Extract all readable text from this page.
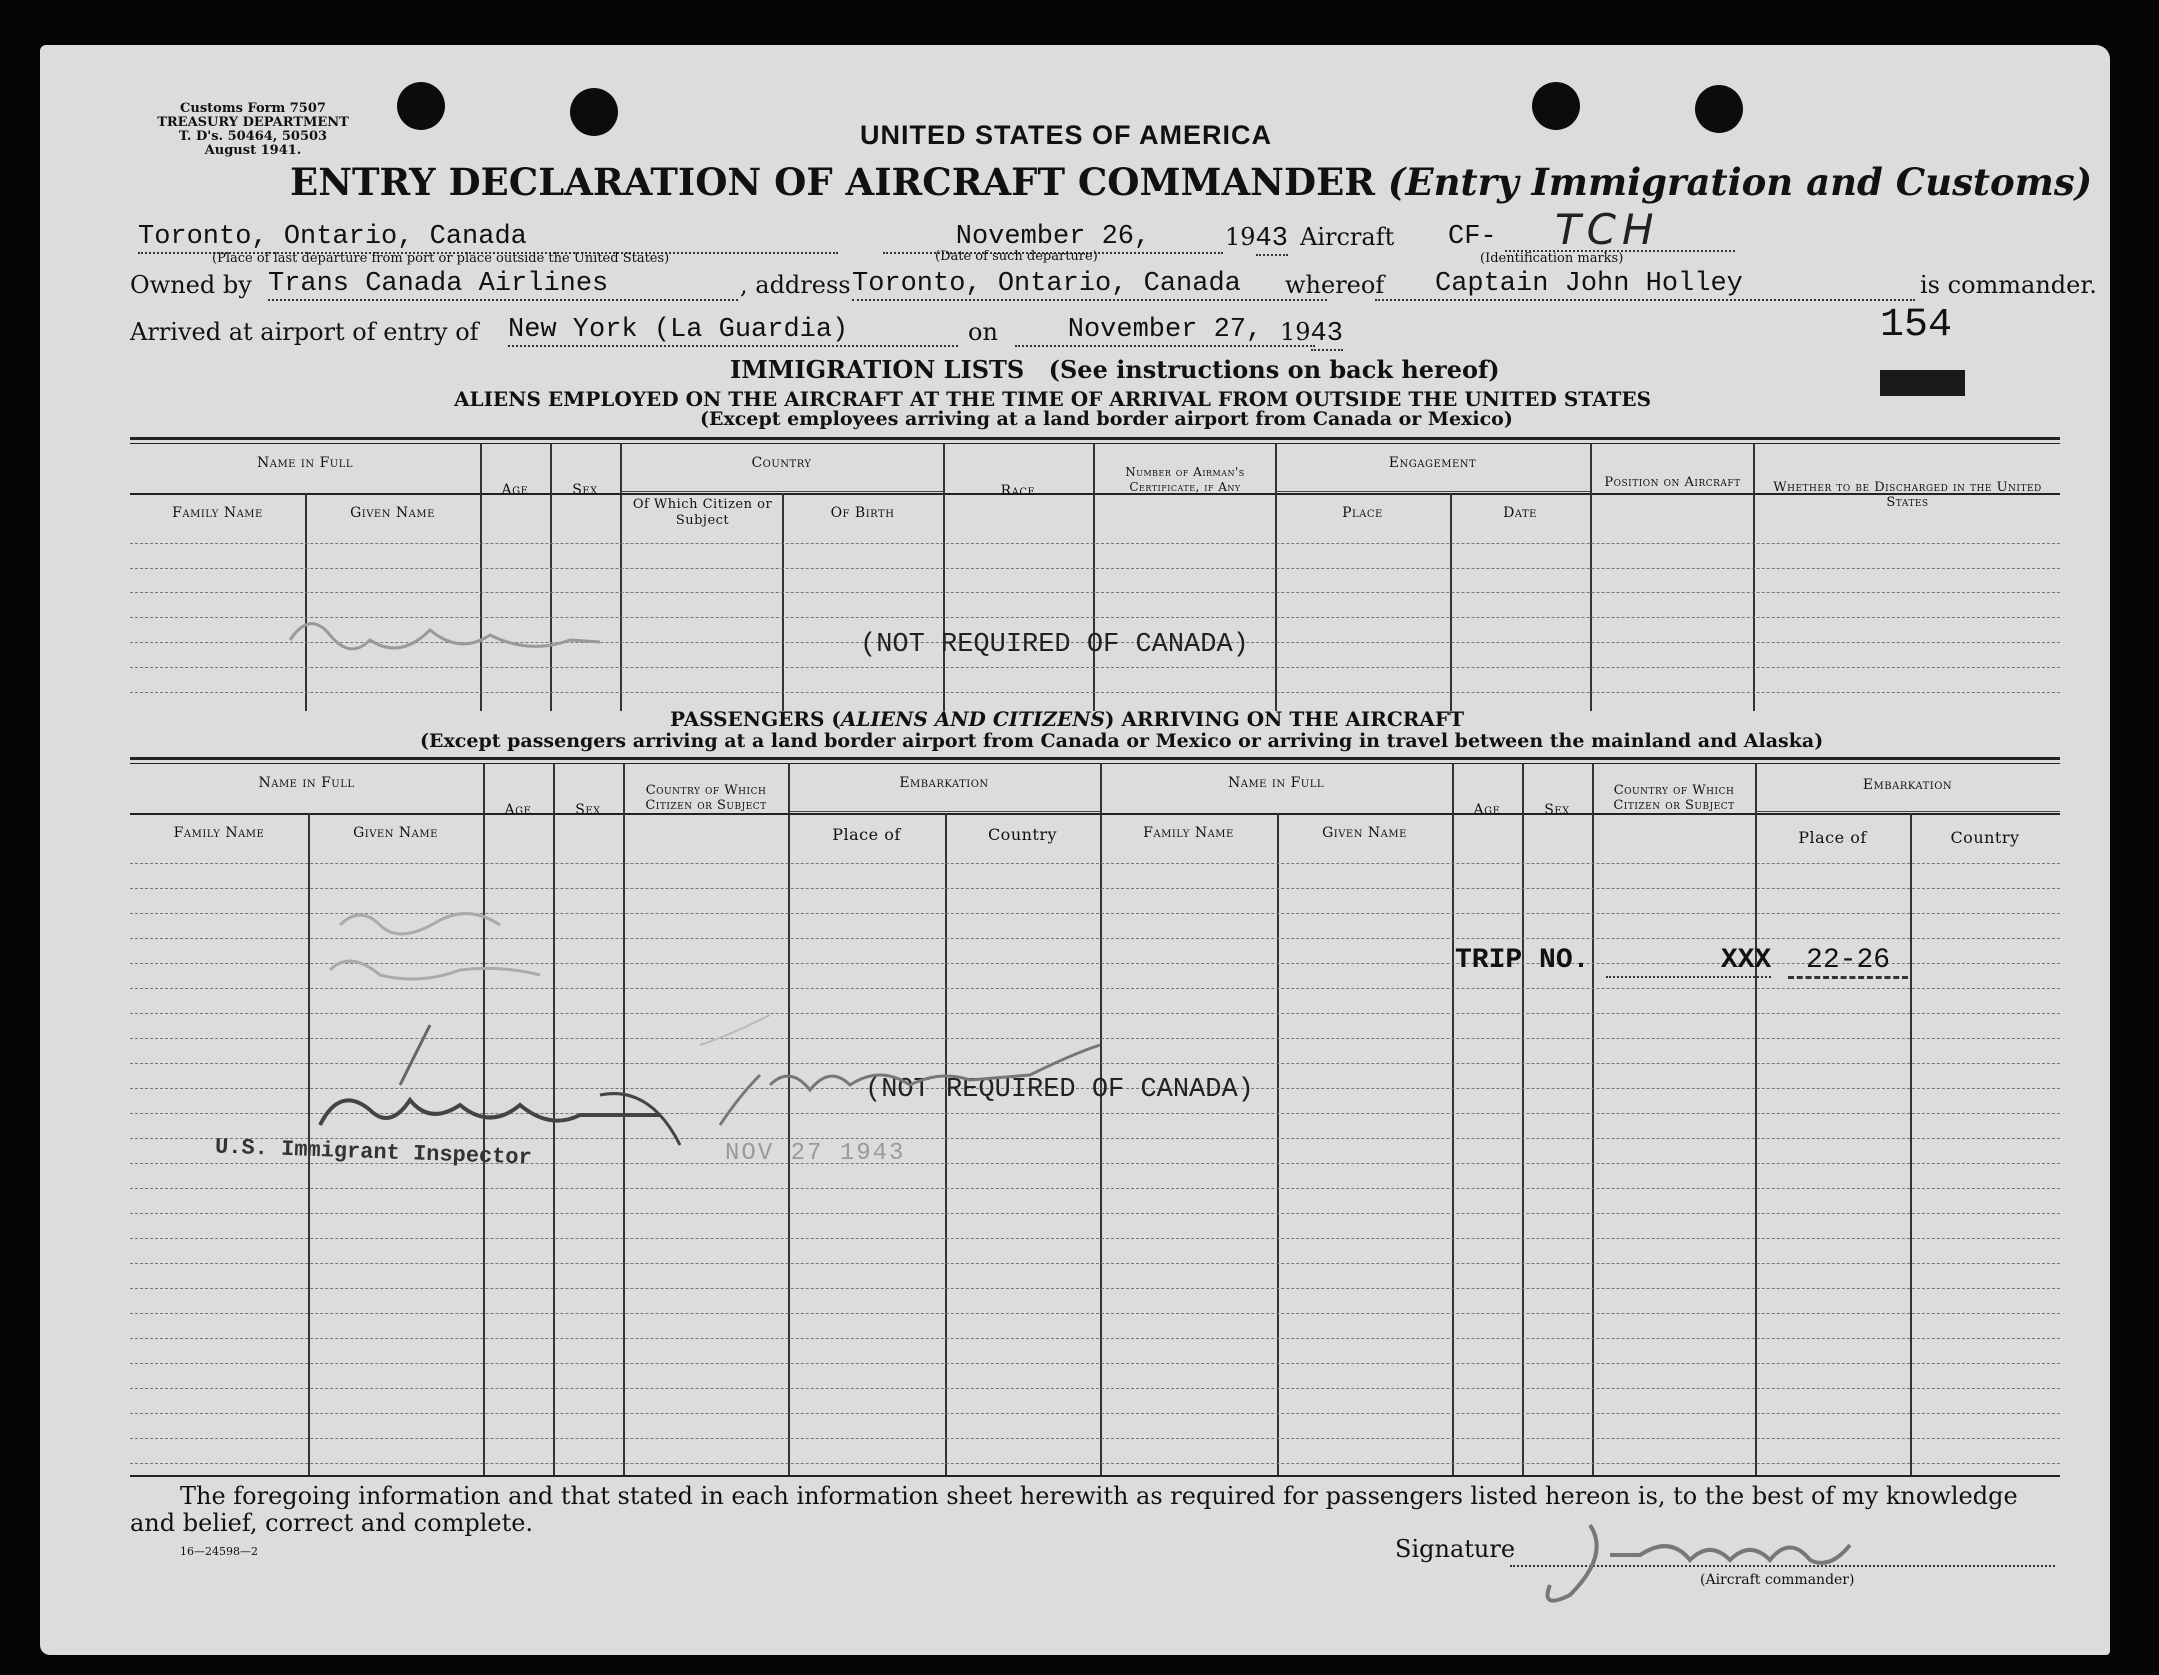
Customs Form 7507
TREASURY DEPARTMENT
T. D's. 50464, 50503
August 1941.
UNITED STATES OF AMERICA
ENTRY DECLARATION OF AIRCRAFT COMMANDER (Entry Immigration and Customs)
Toronto, Ontario, Canada
(Place of last departure from port or place outside the United States)
November 26,
(Date of such departure)
1943 Aircraft CF- TCH
(Identification marks)
Owned by Trans Canada Airlines	, address Toronto, Ontario, Canada	whereof	Captain John Holley	is commander.
Arrived at airport of entry of New York (La Guardia)	on	November 27, 1943	154
IMMIGRATION LISTS (See instructions on back hereof)
ALIENS EMPLOYED ON THE AIRCRAFT AT THE TIME OF ARRIVAL FROM OUTSIDE THE UNITED STATES
(Except employees arriving at a land border airport from Canada or Mexico)
Name in Full
Family Name	Given Name
Age	Sex
Country
Of Which Citizen or Subject	Of Birth
Race
Number of Airman's Certificate, if Any
Engagement
Place	Date
Position on Aircraft	Whether to be Discharged in the United States
(NOT REQUIRED OF CANADA)
PASSENGERS (ALIENS AND CITIZENS) ARRIVING ON THE AIRCRAFT
(Except passengers arriving at a land border airport from Canada or Mexico or arriving in travel between the mainland and Alaska)
Name in Full
Family Name	Given Name
Age	Sex
Country of Which Citizen or Subject
Embarkation
Place of	Country
Name in Full
Family Name	Given Name
Age	Sex
Country of Which Citizen or Subject
Embarkation
Place of	Country
(NOT REQUIRED OF CANADA)
TRIP NO.	XXX 22-26
U.S. Immigrant Inspector	NOV 27 1943
The foregoing information and that stated in each information sheet herewith as required for passengers listed hereon is, to the best of my knowledge and belief, correct and complete.
16—24598—2	Signature
(Aircraft commander)
